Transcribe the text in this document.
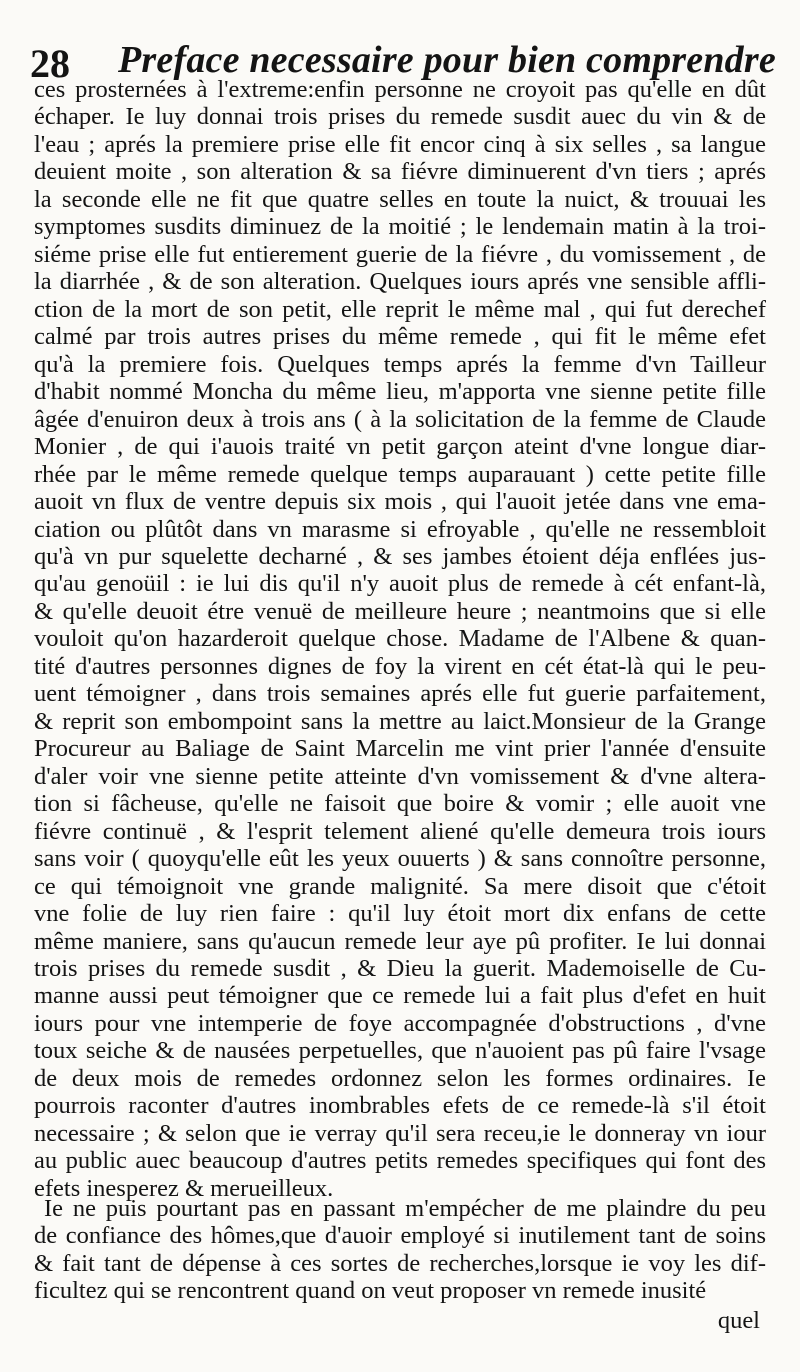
28 Preface necessaire pour bien comprendre
ces prosternées à l'extreme:enfin personne ne croyoit pas qu'elle en dût
échaper. Ie luy donnai trois prises du remede susdit auec du vin & de
l'eau ; aprés la premiere prise elle fit encor cinq à six selles , sa langue
deuient moite , son alteration & sa fiévre diminuerent d'vn tiers ; aprés
la seconde elle ne fit que quatre selles en toute la nuict, & trouuai les
symptomes susdits diminuez de la moitié ; le lendemain matin à la troi-
siéme prise elle fut entierement guerie de la fiévre , du vomissement , de
la diarrhée , & de son alteration. Quelques iours aprés vne sensible affli-
ction de la mort de son petit, elle reprit le même mal , qui fut derechef
calmé par trois autres prises du même remede , qui fit le même efet
qu'à la premiere fois. Quelques temps aprés la femme d'vn Tailleur
d'habit nommé Moncha du même lieu, m'apporta vne sienne petite fille
âgée d'enuiron deux à trois ans ( à la solicitation de la femme de Claude
Monier , de qui i'auois traité vn petit garçon ateint d'vne longue diar-
rhée par le même remede quelque temps auparauant ) cette petite fille
auoit vn flux de ventre depuis six mois , qui l'auoit jetée dans vne ema-
ciation ou plûtôt dans vn marasme si efroyable , qu'elle ne ressembloit
qu'à vn pur squelette decharné , & ses jambes étoient déja enflées jus-
qu'au genoüil : ie lui dis qu'il n'y auoit plus de remede à cét enfant-là,
& qu'elle deuoit étre venuë de meilleure heure ; neantmoins que si elle
vouloit qu'on hazarderoit quelque chose. Madame de l'Albene & quan-
tité d'autres personnes dignes de foy la virent en cét état-là qui le peu-
uent témoigner , dans trois semaines aprés elle fut guerie parfaitement,
& reprit son embompoint sans la mettre au laict.Monsieur de la Grange
Procureur au Baliage de Saint Marcelin me vint prier l'année d'ensuite
d'aler voir vne sienne petite atteinte d'vn vomissement & d'vne altera-
tion si fâcheuse, qu'elle ne faisoit que boire & vomir ; elle auoit vne
fiévre continuë , & l'esprit telement aliené qu'elle demeura trois iours
sans voir ( quoyqu'elle eût les yeux ouuerts ) & sans connoître personne,
ce qui témoignoit vne grande malignité. Sa mere disoit que c'étoit
vne folie de luy rien faire : qu'il luy étoit mort dix enfans de cette
même maniere, sans qu'aucun remede leur aye pû profiter. Ie lui donnai
trois prises du remede susdit , & Dieu la guerit. Mademoiselle de Cu-
manne aussi peut témoigner que ce remede lui a fait plus d'efet en huit
iours pour vne intemperie de foye accompagnée d'obstructions , d'vne
toux seiche & de nausées perpetuelles, que n'auoient pas pû faire l'vsage
de deux mois de remedes ordonnez selon les formes ordinaires. Ie
pourrois raconter d'autres inombrables efets de ce remede-là s'il étoit
necessaire ; & selon que ie verray qu'il sera receu,ie le donneray vn iour
au public auec beaucoup d'autres petits remedes specifiques qui font des
efets inesperez & merueilleux.
Ie ne puis pourtant pas en passant m'empécher de me plaindre du peu
de confiance des hômes,que d'auoir employé si inutilement tant de soins
& fait tant de dépense à ces sortes de recherches,lorsque ie voy les dif-
ficultez qui se rencontrent quand on veut proposer vn remede inusité
quel
